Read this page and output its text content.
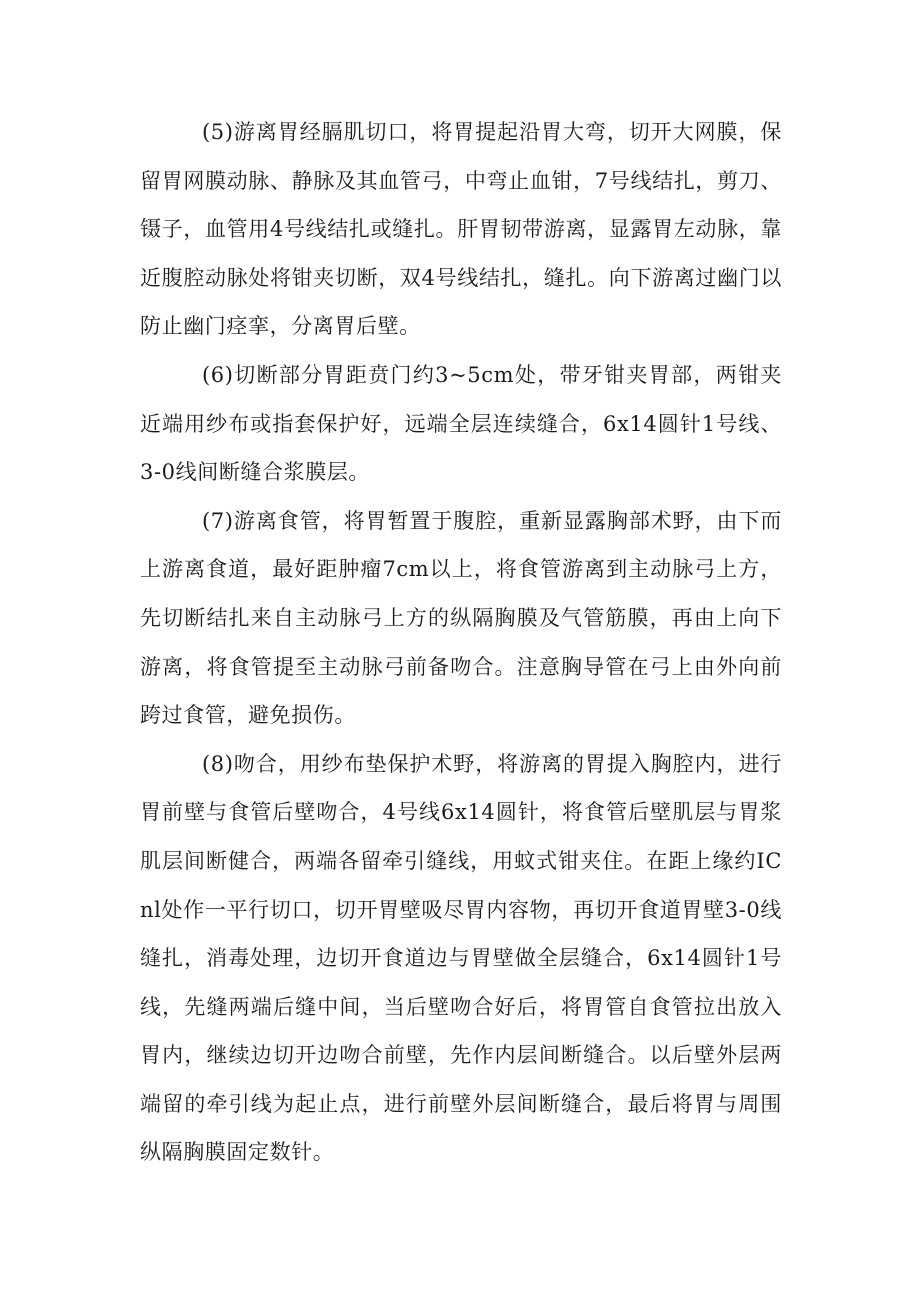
(5)游离胃经膈肌切口，将胃提起沿胃大弯，切开大网膜，保留胃网膜动脉、静脉及其血管弓，中弯止血钳，7号线结扎，剪刀、镊子，血管用4号线结扎或缝扎。肝胃韧带游离，显露胃左动脉，靠近腹腔动脉处将钳夹切断，双4号线结扎，缝扎。向下游离过幽门以防止幽门痉挛，分离胃后壁。

(6)切断部分胃距贲门约3~5cm处，带牙钳夹胃部，两钳夹近端用纱布或指套保护好，远端全层连续缝合，6x14圆针1号线、3-0线间断缝合浆膜层。

(7)游离食管，将胃暂置于腹腔，重新显露胸部术野，由下而上游离食道，最好距肿瘤7cm以上，将食管游离到主动脉弓上方，先切断结扎来自主动脉弓上方的纵隔胸膜及气管筋膜，再由上向下游离，将食管提至主动脉弓前备吻合。注意胸导管在弓上由外向前跨过食管，避免损伤。

(8)吻合，用纱布垫保护术野，将游离的胃提入胸腔内，进行胃前壁与食管后壁吻合，4号线6x14圆针，将食管后壁肌层与胃浆肌层间断健合，两端各留牵引缝线，用蚊式钳夹住。在距上缘约ICnl处作一平行切口，切开胃壁吸尽胃内容物，再切开食道胃壁3-0线缝扎，消毒处理，边切开食道边与胃壁做全层缝合，6x14圆针1号线，先缝两端后缝中间，当后壁吻合好后，将胃管自食管拉出放入胃内，继续边切开边吻合前壁，先作内层间断缝合。以后壁外层两端留的牵引线为起止点，进行前壁外层间断缝合，最后将胃与周围纵隔胸膜固定数针。
